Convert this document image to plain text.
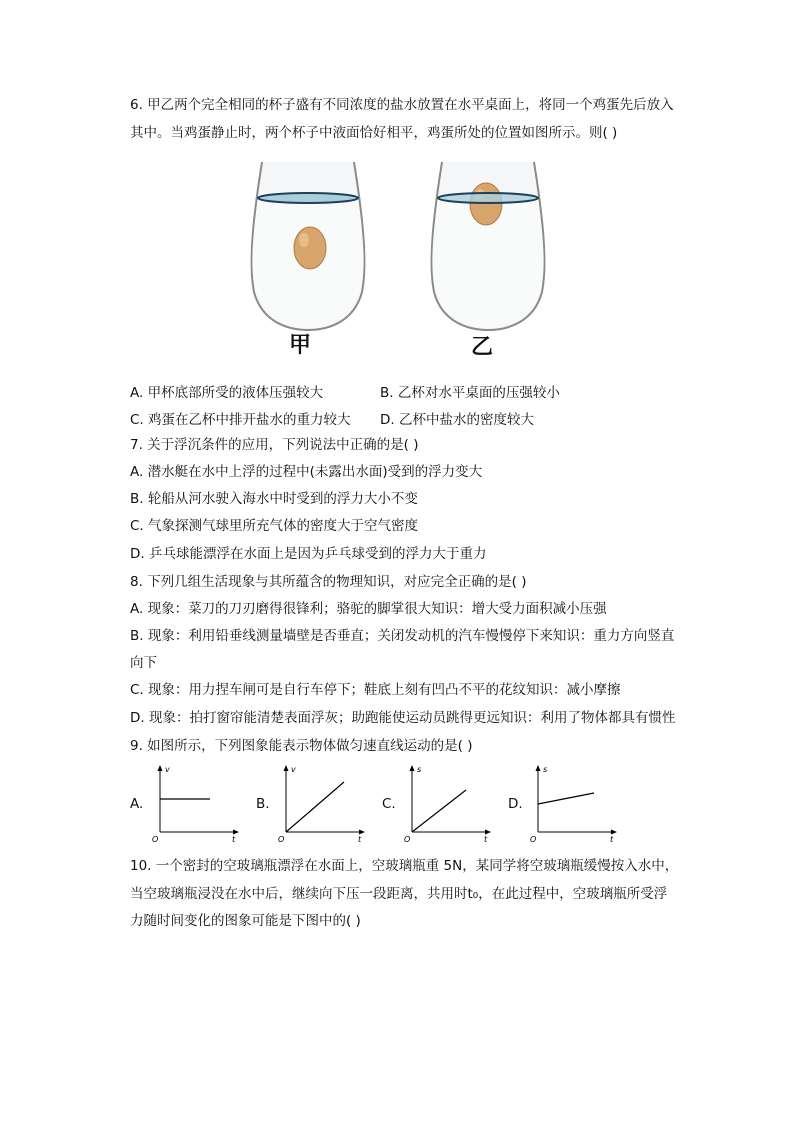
6. 甲乙两个完全相同的杯子盛有不同浓度的盐水放置在水平桌面上，将同一个鸡蛋先后放入
其中。当鸡蛋静止时，两个杯子中液面恰好相平，鸡蛋所处的位置如图所示。则( )
甲	乙
A. 甲杯底部所受的液体压强较大	B. 乙杯对水平桌面的压强较小
C. 鸡蛋在乙杯中排开盐水的重力较大 D. 乙杯中盐水的密度较大
7. 关于浮沉条件的应用，下列说法中正确的是( )
A. 潜水艇在水中上浮的过程中(未露出水面)受到的浮力变大
B. 轮船从河水驶入海水中时受到的浮力大小不变
C. 气象探测气球里所充气体的密度大于空气密度
D. 乒乓球能漂浮在水面上是因为乒乓球受到的浮力大于重力
8. 下列几组生活现象与其所蕴含的物理知识，对应完全正确的是( )
A. 现象：菜刀的刀刃磨得很锋利；骆驼的脚掌很大知识：增大受力面积减小压强
B. 现象：利用铅垂线测量墙壁是否垂直；关闭发动机的汽车慢慢停下来知识：重力方向竖直
向下
C. 现象：用力捏车闸可是自行车停下；鞋底上刻有凹凸不平的花纹知识：减小摩擦
D. 现象：拍打窗帘能清楚表面浮灰；助跑能使运动员跳得更远知识：利用了物体都具有惯性
9. 如图所示，下列图象能表示物体做匀速直线运动的是( )
A.
v
t
O
B.
v
t
O
C.
s
t
O
D.
s
t
O
10. 一个密封的空玻璃瓶漂浮在水面上，空玻璃瓶重 5N，某同学将空玻璃瓶缓慢按入水中，
当空玻璃瓶浸没在水中后，继续向下压一段距离，共用时t₀，在此过程中，空玻璃瓶所受浮
力随时间变化的图象可能是下图中的( )
